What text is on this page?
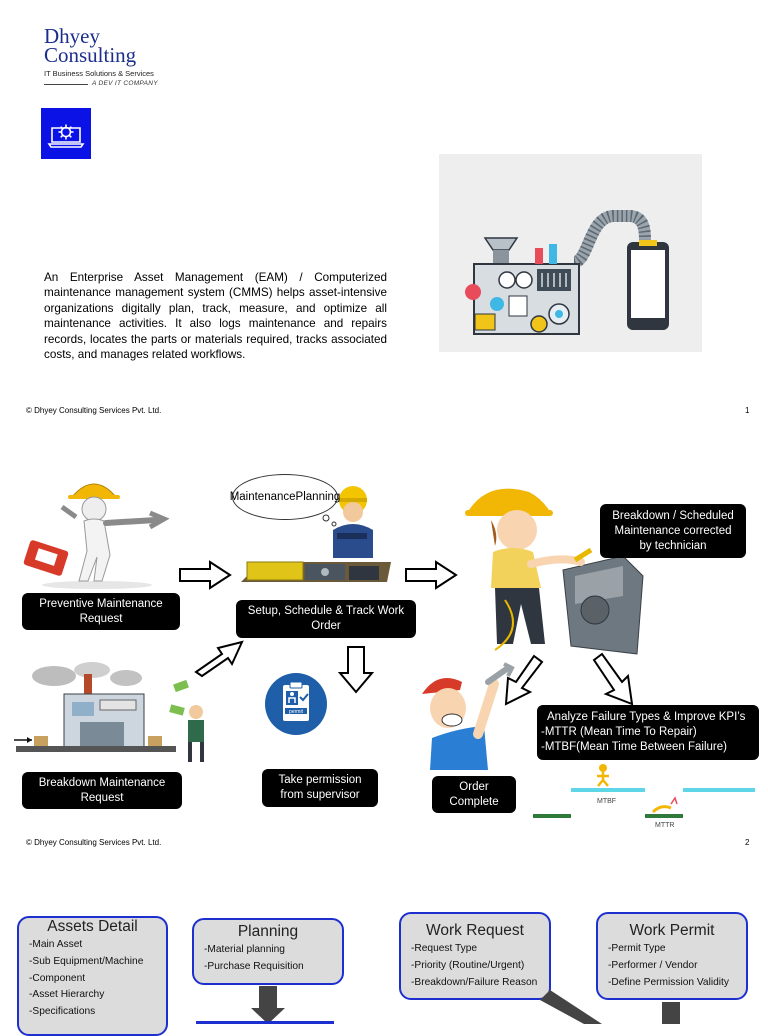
Dhyey
Consulting
IT Business Solutions & Services
A DEV IT COMPANY
An Enterprise Asset Management (EAM) / Computerized maintenance management system (CMMS) helps asset-intensive organizations digitally plan, track, measure, and optimize all maintenance activities. It also logs maintenance and repairs records, locates the parts or materials required, tracks associated costs, and manages related workflows.
© Dhyey Consulting Services Pvt. Ltd.	1
Maintenance Planning
permit
MTBF
MTTR
Preventive Maintenance
Request
Setup, Schedule & Track Work
Order
Breakdown / Scheduled
Maintenance corrected
by technician
Breakdown Maintenance
Request
Take permission
from supervisor
Order
Complete
Analyze Failure Types & Improve KPI’s
-MTTR (Mean Time To Repair)
-MTBF(Mean Time Between Failure)
© Dhyey Consulting Services Pvt. Ltd.	2
Assets Detail
-Main Asset
-Sub Equipment/Machine
-Component
-Asset Hierarchy
-Specifications
Planning
-Material planning
-Purchase Requisition
Work Request
-Request Type
-Priority (Routine/Urgent)
-Breakdown/Failure Reason
Work Permit
-Permit Type
-Performer / Vendor
-Define Permission Validity
